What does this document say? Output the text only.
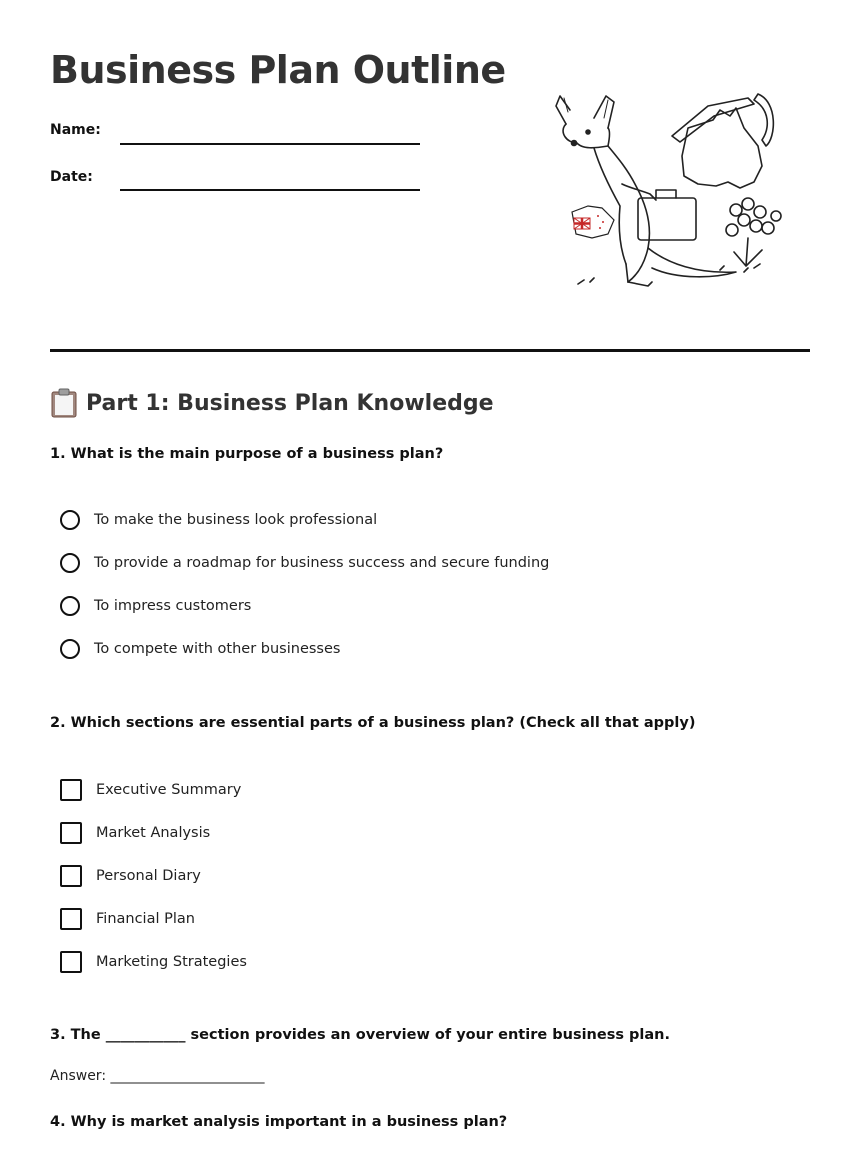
Business Plan Outline
Name:
Date:
Part 1: Business Plan Knowledge
1. What is the main purpose of a business plan?
To make the business look professional
To provide a roadmap for business success and secure funding
To impress customers
To compete with other businesses
2. Which sections are essential parts of a business plan? (Check all that apply)
Executive Summary
Market Analysis
Personal Diary
Financial Plan
Marketing Strategies
3. The ___________ section provides an overview of your entire business plan.
Answer: ______________________
4. Why is market analysis important in a business plan?
